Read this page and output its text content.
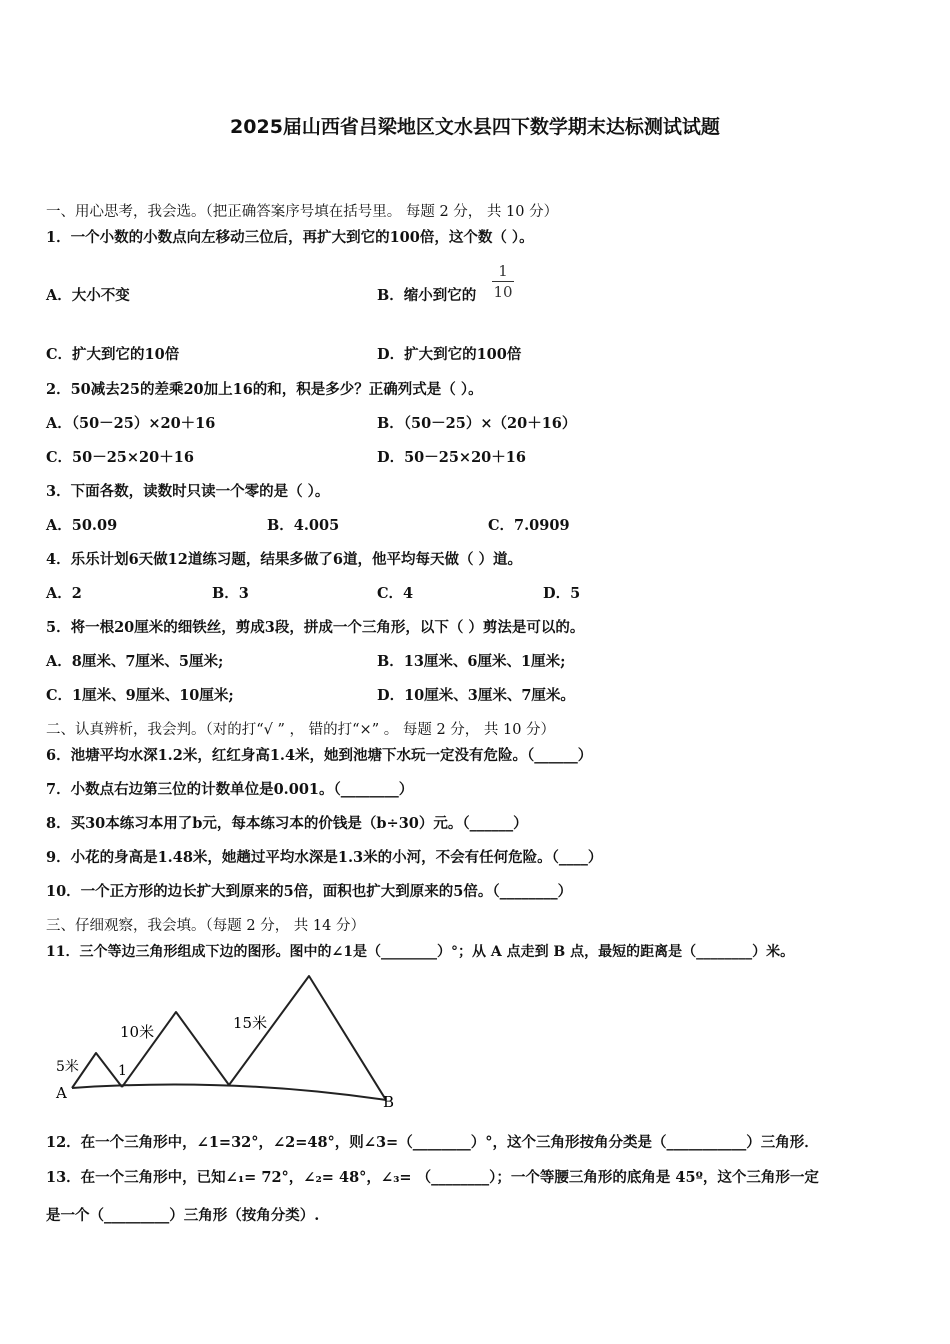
2025届山西省吕梁地区文水县四下数学期末达标测试试题
一、用心思考，我会选。（把正确答案序号填在括号里。 每题 2 分， 共 10 分）
1．一个小数的小数点向左移动三位后，再扩大到它的100倍，这个数（ ）。
A．大小不变	B．缩小到它的
1
10
C．扩大到它的10倍	D．扩大到它的100倍
2．50减去25的差乘20加上16的和，积是多少？正确列式是（ ）。
A．（50－25）×20＋16	B．（50－25）×（20＋16）
C．50－25×20＋16	D．50－25×20＋16
3．下面各数，读数时只读一个零的是（ ）。
A．50.09	B．4.005	C．7.0909
4．乐乐计划6天做12道练习题，结果多做了6道，他平均每天做（ ）道。
A．2	B．3	C．4	D．5
5．将一根20厘米的细铁丝，剪成3段，拼成一个三角形，以下（ ）剪法是可以的。
A．8厘米、7厘米、5厘米;	B．13厘米、6厘米、1厘米;
C．1厘米、9厘米、10厘米;	D．10厘米、3厘米、7厘米。
二、认真辨析，我会判。（对的打“√ ” ， 错的打“×” 。 每题 2 分， 共 10 分）
6．池塘平均水深1.2米，红红身高1.4米，她到池塘下水玩一定没有危险。（______）
7．小数点右边第三位的计数单位是0.001。（________）
8．买30本练习本用了b元，每本练习本的价钱是（b÷30）元。（______）
9．小花的身高是1.48米，她趟过平均水深是1.3米的小河，不会有任何危险。（____）
10．一个正方形的边长扩大到原来的5倍，面积也扩大到原来的5倍。（________）
三、仔细观察，我会填。（每题 2 分， 共 14 分）
11．三个等边三角形组成下边的图形。图中的∠1是（________）°；从 A 点走到 B 点，最短的距离是（________）米。
5米
10米	15米
1
A	B
12．在一个三角形中，∠1=32°，∠2=48°，则∠3=（________）°，这个三角形按角分类是（___________）三角形．
13．在一个三角形中，已知∠₁= 72°，∠₂= 48°，∠₃= （________）；一个等腰三角形的底角是 45º，这个三角形一定
是一个（_________）三角形（按角分类）.
